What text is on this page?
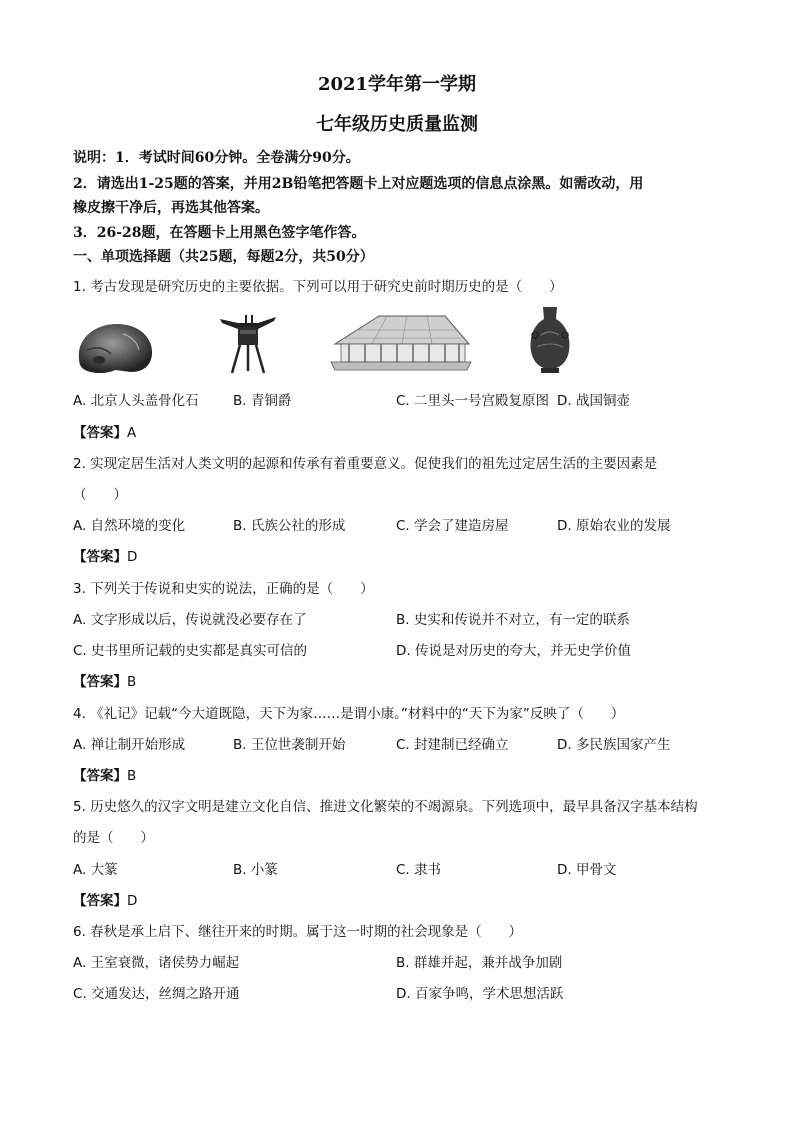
2021学年第一学期
七年级历史质量监测
说明：1．考试时间60分钟。全卷满分90分。
2．请选出1-25题的答案，并用2B铅笔把答题卡上对应题选项的信息点涂黑。如需改动，用
橡皮擦干净后，再选其他答案。
3．26-28题，在答题卡上用黑色签字笔作答。
一、单项选择题（共25题，每题2分，共50分）
1. 考古发现是研究历史的主要依据。下列可以用于研究史前时期历史的是（　　）
A. 北京人头盖骨化石	B. 青铜爵	C. 二里头一号宫殿复原图 D. 战国铜壶
【答案】A
2. 实现定居生活对人类文明的起源和传承有着重要意义。促使我们的祖先过定居生活的主要因素是
（　　）
A. 自然环境的变化	B. 氏族公社的形成	C. 学会了建造房屋	D. 原始农业的发展
【答案】D
3. 下列关于传说和史实的说法，正确的是（　　）
A. 文字形成以后，传说就没必要存在了	B. 史实和传说并不对立，有一定的联系
C. 史书里所记载的史实都是真实可信的	D. 传说是对历史的夸大，并无史学价值
【答案】B
4. 《礼记》记载“今大道既隐，天下为家……是谓小康。”材料中的“天下为家”反映了（　　）
A. 禅让制开始形成	B. 王位世袭制开始	C. 封建制已经确立	D. 多民族国家产生
【答案】B
5. 历史悠久的汉字文明是建立文化自信、推进文化繁荣的不竭源泉。下列选项中，最早具备汉字基本结构
的是（　　）
A. 大篆	B. 小篆	C. 隶书	D. 甲骨文
【答案】D
6. 春秋是承上启下、继往开来的时期。属于这一时期的社会现象是（　　）
A. 王室衰微，诸侯势力崛起	B. 群雄并起，兼并战争加剧
C. 交通发达，丝绸之路开通	D. 百家争鸣，学术思想活跃
